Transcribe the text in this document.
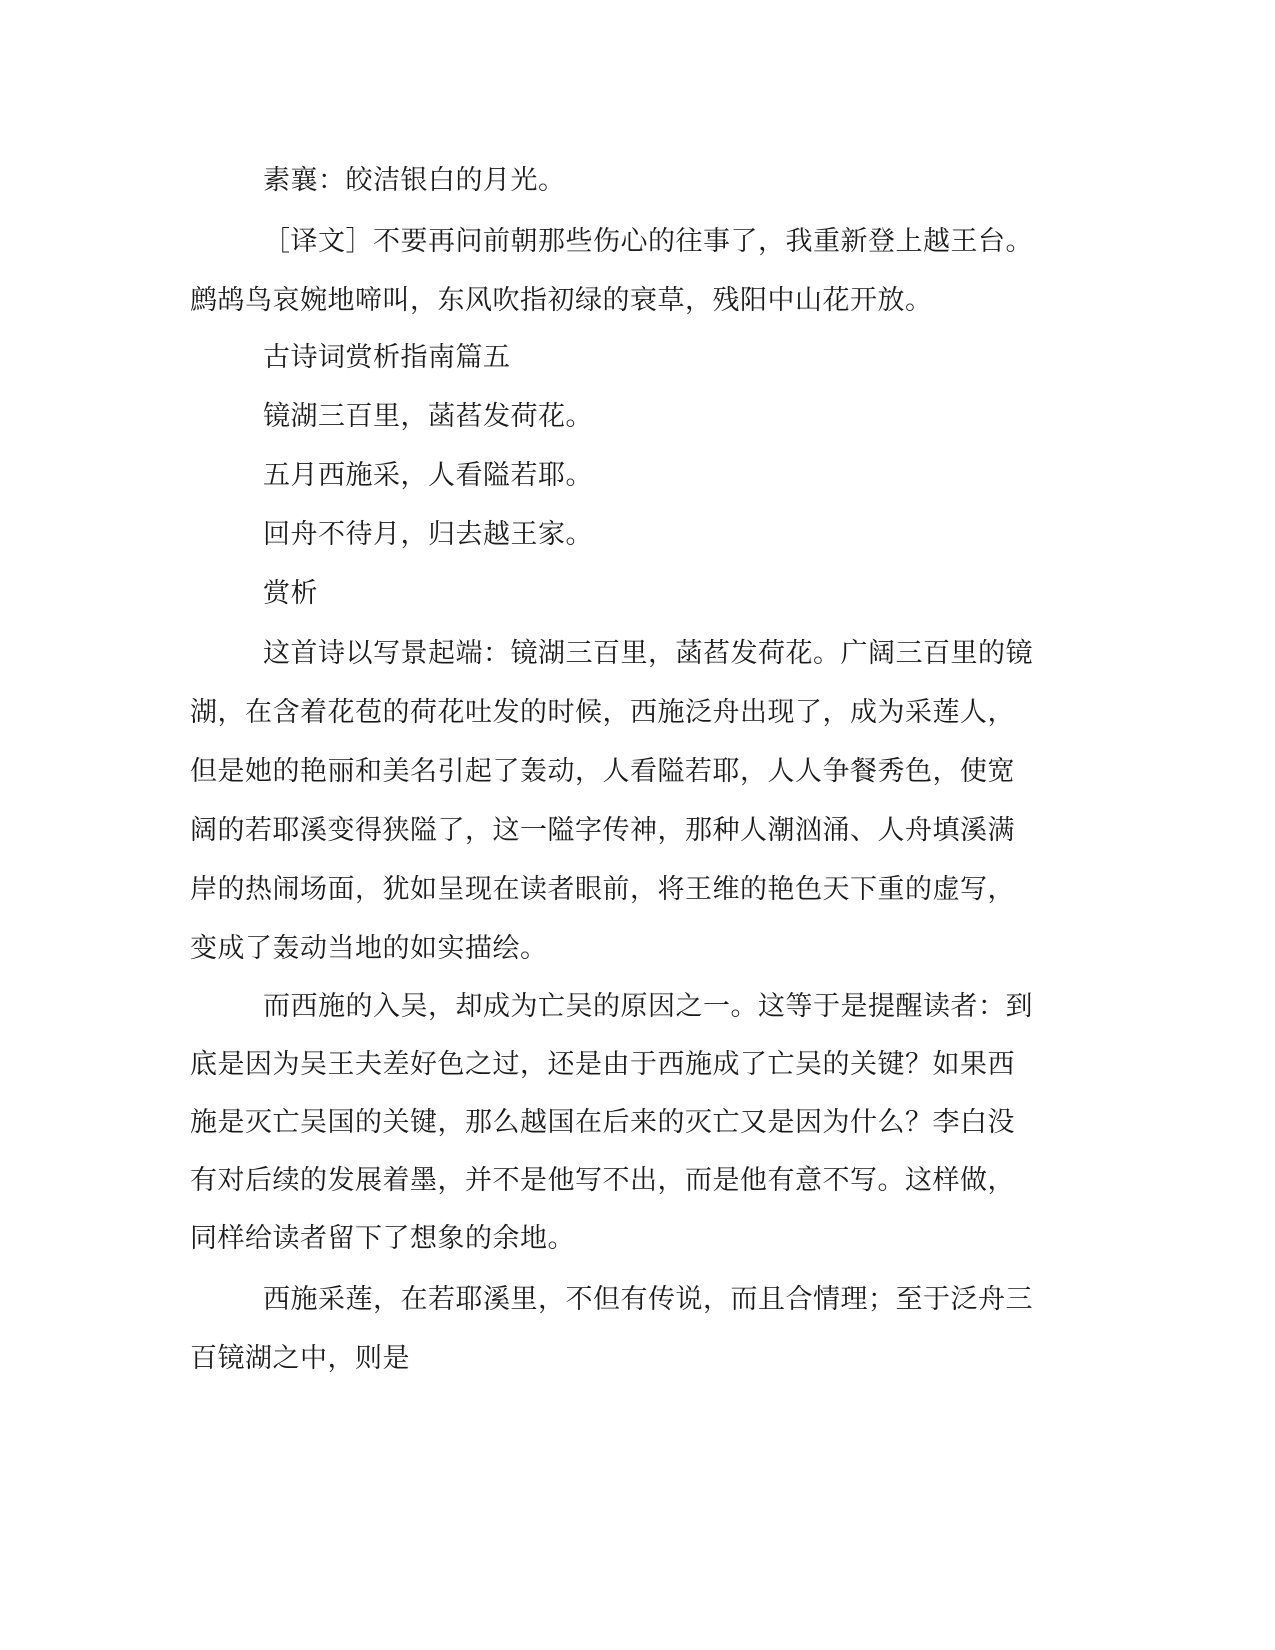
素襄：皎洁银白的月光。
［译文］不要再问前朝那些伤心的往事了，我重新登上越王台。
鹧鸪鸟哀婉地啼叫，东风吹指初绿的衰草，残阳中山花开放。
古诗词赏析指南篇五
镜湖三百里，菡萏发荷花。
五月西施采，人看隘若耶。
回舟不待月，归去越王家。
赏析
这首诗以写景起端：镜湖三百里，菡萏发荷花。广阔三百里的镜
湖，在含着花苞的荷花吐发的时候，西施泛舟出现了，成为采莲人，
但是她的艳丽和美名引起了轰动，人看隘若耶，人人争餐秀色，使宽
阔的若耶溪变得狭隘了，这一隘字传神，那种人潮汹涌、人舟填溪满
岸的热闹场面，犹如呈现在读者眼前，将王维的艳色天下重的虚写，
变成了轰动当地的如实描绘。
而西施的入吴，却成为亡吴的原因之一。这等于是提醒读者：到
底是因为吴王夫差好色之过，还是由于西施成了亡吴的关键？如果西
施是灭亡吴国的关键，那么越国在后来的灭亡又是因为什么？李白没
有对后续的发展着墨，并不是他写不出，而是他有意不写。这样做，
同样给读者留下了想象的余地。
西施采莲，在若耶溪里，不但有传说，而且合情理；至于泛舟三
百镜湖之中，则是
